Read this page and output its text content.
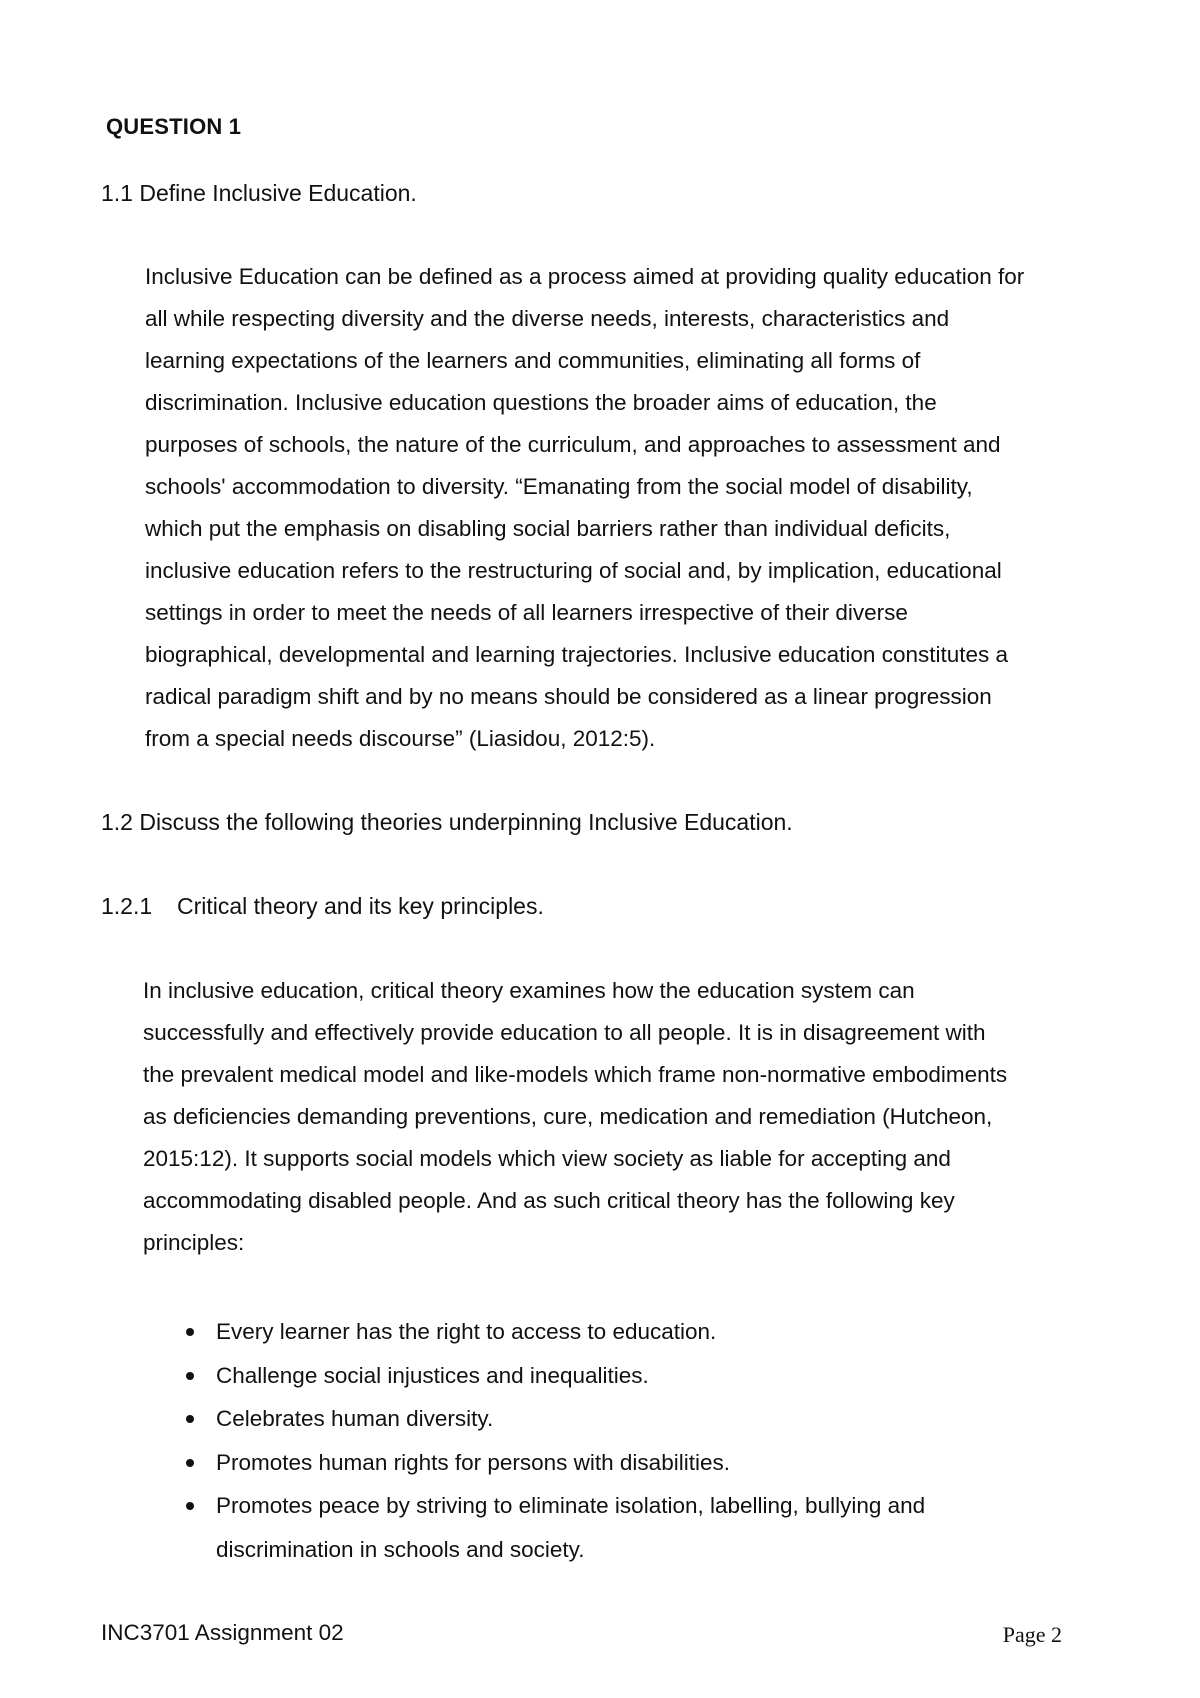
QUESTION 1
1.1 Define Inclusive Education.
Inclusive Education can be defined as a process aimed at providing quality education for
all while respecting diversity and the diverse needs, interests, characteristics and
learning expectations of the learners and communities, eliminating all forms of
discrimination. Inclusive education questions the broader aims of education, the
purposes of schools, the nature of the curriculum, and approaches to assessment and
schools' accommodation to diversity. “Emanating from the social model of disability,
which put the emphasis on disabling social barriers rather than individual deficits,
inclusive education refers to the restructuring of social and, by implication, educational
settings in order to meet the needs of all learners irrespective of their diverse
biographical, developmental and learning trajectories. Inclusive education constitutes a
radical paradigm shift and by no means should be considered as a linear progression
from a special needs discourse” (Liasidou, 2012:5).
1.2 Discuss the following theories underpinning Inclusive Education.
1.2.1 Critical theory and its key principles.
In inclusive education, critical theory examines how the education system can
successfully and effectively provide education to all people. It is in disagreement with
the prevalent medical model and like-models which frame non-normative embodiments
as deficiencies demanding preventions, cure, medication and remediation (Hutcheon,
2015:12). It supports social models which view society as liable for accepting and
accommodating disabled people. And as such critical theory has the following key
principles:
Every learner has the right to access to education.
Challenge social injustices and inequalities.
Celebrates human diversity.
Promotes human rights for persons with disabilities.
Promotes peace by striving to eliminate isolation, labelling, bullying and
discrimination in schools and society.
INC3701 Assignment 02	Page 2
